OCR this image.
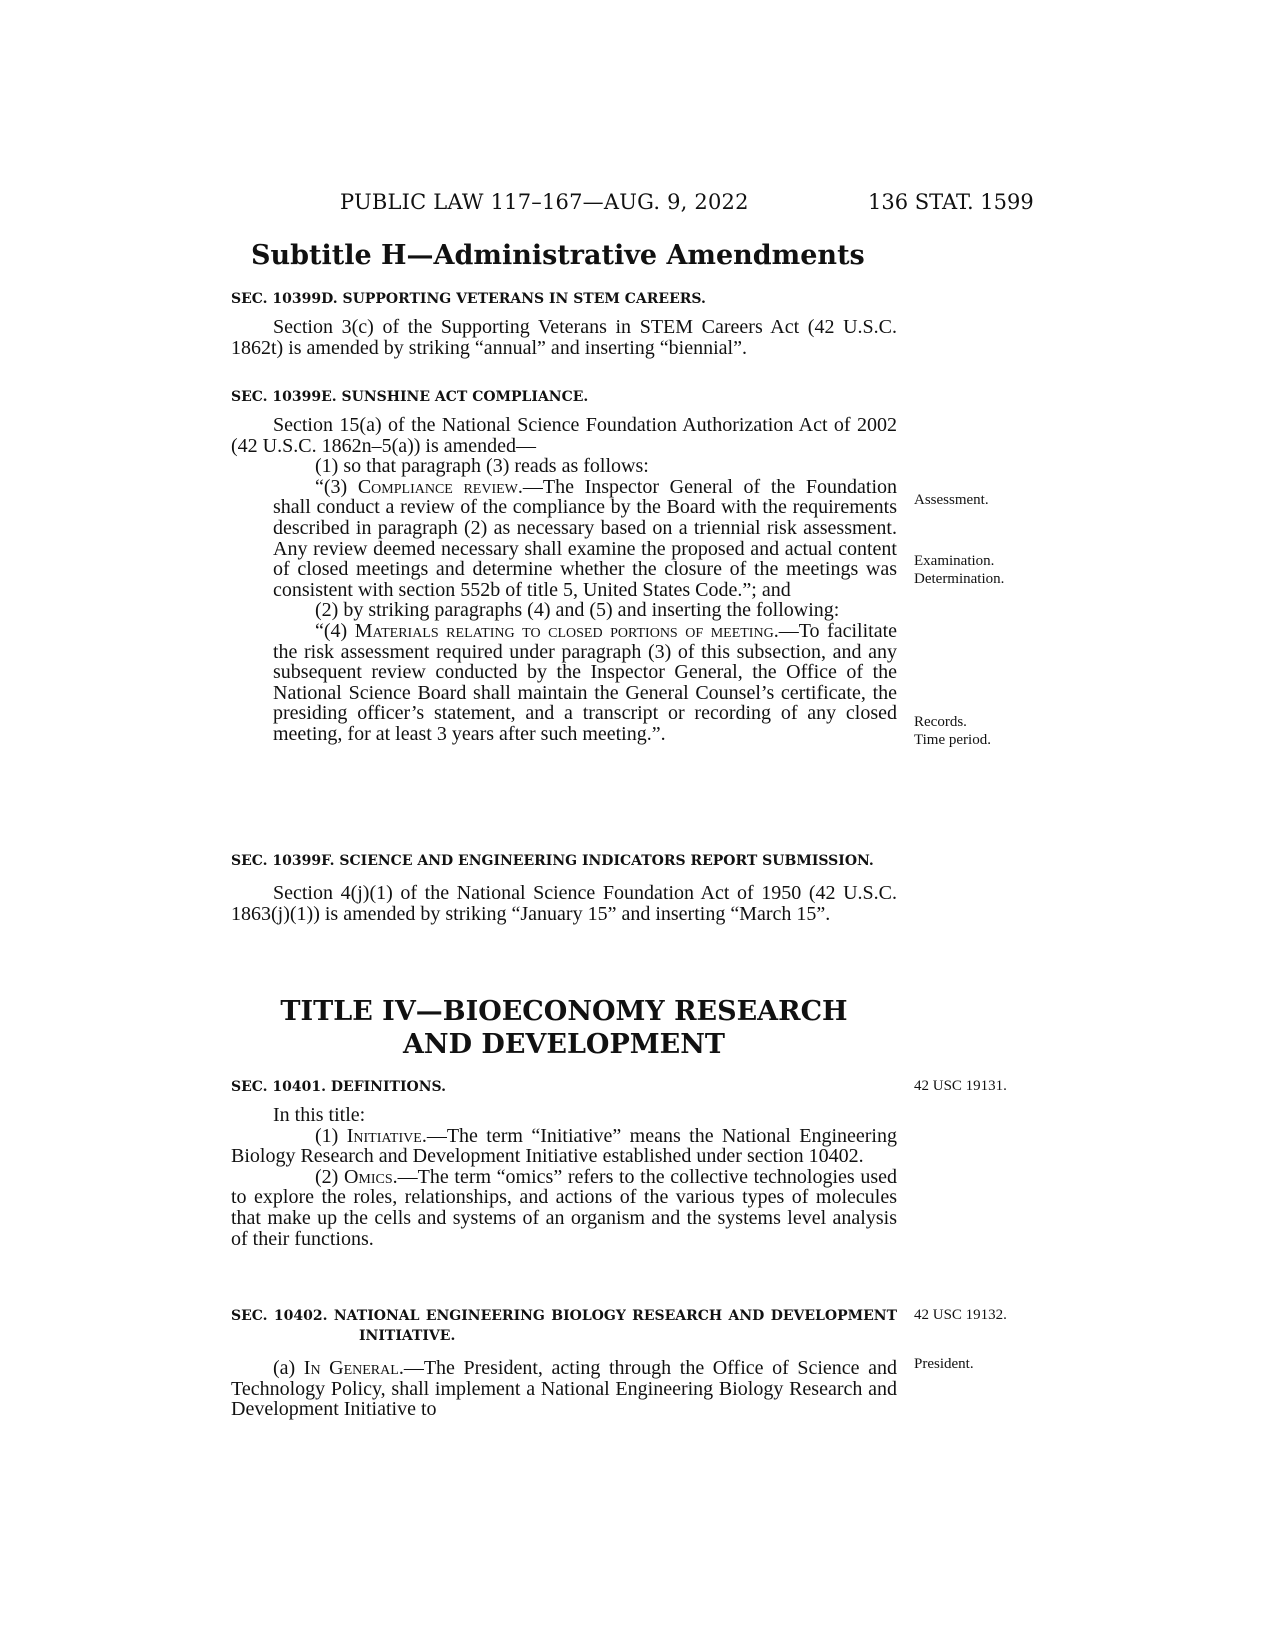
PUBLIC LAW 117–167—AUG. 9, 2022	136 STAT. 1599
Subtitle H—Administrative Amendments

SEC. 10399D. SUPPORTING VETERANS IN STEM CAREERS.

Section 3(c) of the Supporting Veterans in STEM Careers Act (42 U.S.C. 1862t) is amended by striking “annual” and inserting “biennial”.

SEC. 10399E. SUNSHINE ACT COMPLIANCE.

Section 15(a) of the National Science Foundation Authorization Act of 2002 (42 U.S.C. 1862n–5(a)) is amended—

(1) so that paragraph (3) reads as follows:

“(3) Compliance review.—The Inspector General of the Foundation shall conduct a review of the compliance by the Board with the requirements described in paragraph (2) as necessary based on a triennial risk assessment. Any review deemed necessary shall examine the proposed and actual content of closed meetings and determine whether the closure of the meetings was consistent with section 552b of title 5, United States Code.”; and

(2) by striking paragraphs (4) and (5) and inserting the following:

“(4) Materials relating to closed portions of meeting.—To facilitate the risk assessment required under paragraph (3) of this subsection, and any subsequent review conducted by the Inspector General, the Office of the National Science Board shall maintain the General Counsel’s certificate, the presiding officer’s statement, and a transcript or recording of any closed meeting, for at least 3 years after such meeting.”.

SEC. 10399F. SCIENCE AND ENGINEERING INDICATORS REPORT SUBMISSION.

Section 4(j)(1) of the National Science Foundation Act of 1950 (42 U.S.C. 1863(j)(1)) is amended by striking “January 15” and inserting “March 15”.

TITLE IV—BIOECONOMY RESEARCH
AND DEVELOPMENT

SEC. 10401. DEFINITIONS.

In this title:

(1) Initiative.—The term “Initiative” means the National Engineering Biology Research and Development Initiative established under section 10402.

(2) Omics.—The term “omics” refers to the collective technologies used to explore the roles, relationships, and actions of the various types of molecules that make up the cells and systems of an organism and the systems level analysis of their functions.

SEC. 10402. NATIONAL ENGINEERING BIOLOGY RESEARCH AND DEVELOPMENT INITIATIVE.

(a) In General.—The President, acting through the Office of Science and Technology Policy, shall implement a National Engineering Biology Research and Development Initiative to

Assessment.
Examination.
Determination.
Records.
Time period.
42 USC 19131.
42 USC 19132.
President.
